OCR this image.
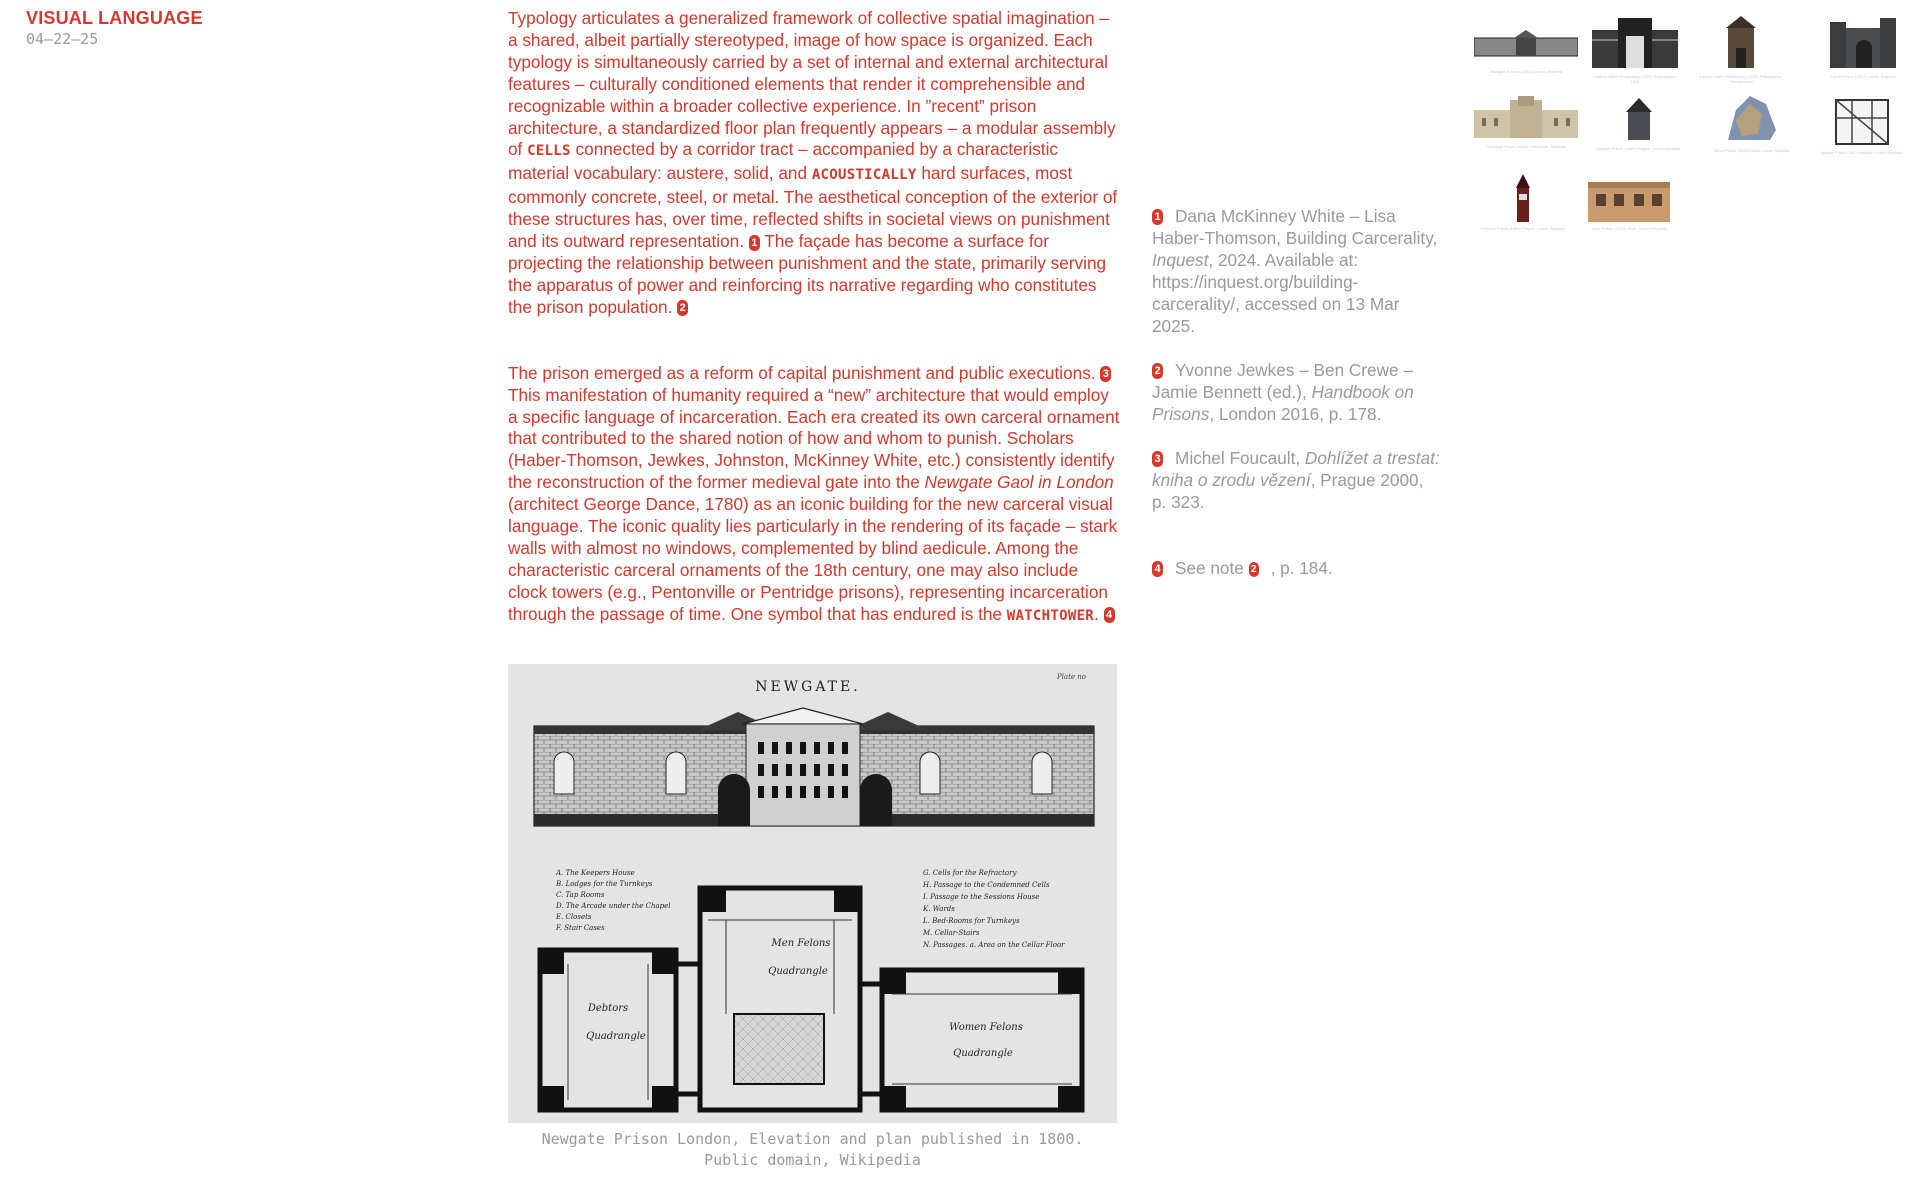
VISUAL LANGUAGE
04–22–25

Typology articulates a generalized framework of collective spatial imagination – a shared, albeit partially stereotyped, image of how space is organized. Each typology is simultaneously carried by a set of internal and external architectural features – culturally conditioned elements that render it comprehensible and recognizable within a broader collective experience. In ”recent” prison architecture, a standardized floor plan frequently appears – a modular assembly of CELLS connected by a corridor tract – accompanied by a characteristic material vocabulary: austere, solid, and ACOUSTICALLY hard surfaces, most commonly concrete, steel, or metal. The aesthetical conception of the exterior of these structures has, over time, reflected shifts in societal views on punishment and its outward representation. 1 The façade has become a surface for projecting the relationship between punishment and the state, primarily serving the apparatus of power and reinforcing its narrative regarding who constitutes the prison population. 2

The prison emerged as a reform of capital punishment and public executions. 3 This manifestation of humanity required a “new” architecture that would employ a specific language of incarceration. Each era created its own carceral ornament that contributed to the shared notion of how and whom to punish. Scholars (Haber-Thomson, Jewkes, Johnston, McKinney White, etc.) consistently identify the reconstruction of the former medieval gate into the Newgate Gaol in London (architect George Dance, 1780) as an iconic building for the new carceral visual language. The iconic quality lies particularly in the rendering of its façade – stark walls with almost no windows, complemented by blind aedicule. Among the characteristic carceral ornaments of the 18th century, one may also include clock towers (e.g., Pentonville or Pentridge prisons), representing incarceration through the passage of time. One symbol that has endured is the WATCHTOWER. 4

NEWGATE.
Plate no
A. The Keepers House
B. Lodges for the Turnkeys
C. Tap Rooms
D. The Arcade under the Chapel
E. Closets
F. Stair Cases
G. Cells for the Refractory
H. Passage to the Condemned Cells
I. Passage to the Sessions House
K. Wards
L. Bed-Rooms for Turnkeys
M. Cellar-Stairs
N. Passages. a. Area on the Cellar Floor
Debtors
Quadrangle
Men Felons
Quadrangle
Women Felons
Quadrangle
Newgate Prison London, Elevation and plan published in 1800.
Public domain, Wikipedia
1 Dana McKinney White – Lisa Haber-Thomson, Building Carcerality, Inquest, 2024. Available at: https://inquest.org/building-carcerality/, accessed on 13 Mar 2025.
2 Yvonne Jewkes – Ben Crewe – Jamie Bennett (ed.), Handbook on Prisons, London 2016, p. 178.
3 Michel Foucault, Dohlížet a trestat: kniha o zrodu vězení, Prague 2000, p. 323.
4 See note 2 , p. 184.
Newgate Prison (1780) London, England
Eastern State Penitentiary (1829) Philadelphia, USA
Eastern State Penitentiary (1829) Philadelphia, Pennsylvania
Leeds Prison (1847) Leeds, England
Pentridge Prison (1850) Melbourne, Australia	Pankrác Prison (1889) Prague, Czech Republic	Mírov Prison (1855) Mírov, Czech Republic	Valdice Prison (1857) Valdice, Czech Republic
Pankrác Prison (1889) Prague, Czech Republic	Jiřice Prison (1990) Jiřice, Czech Republic
